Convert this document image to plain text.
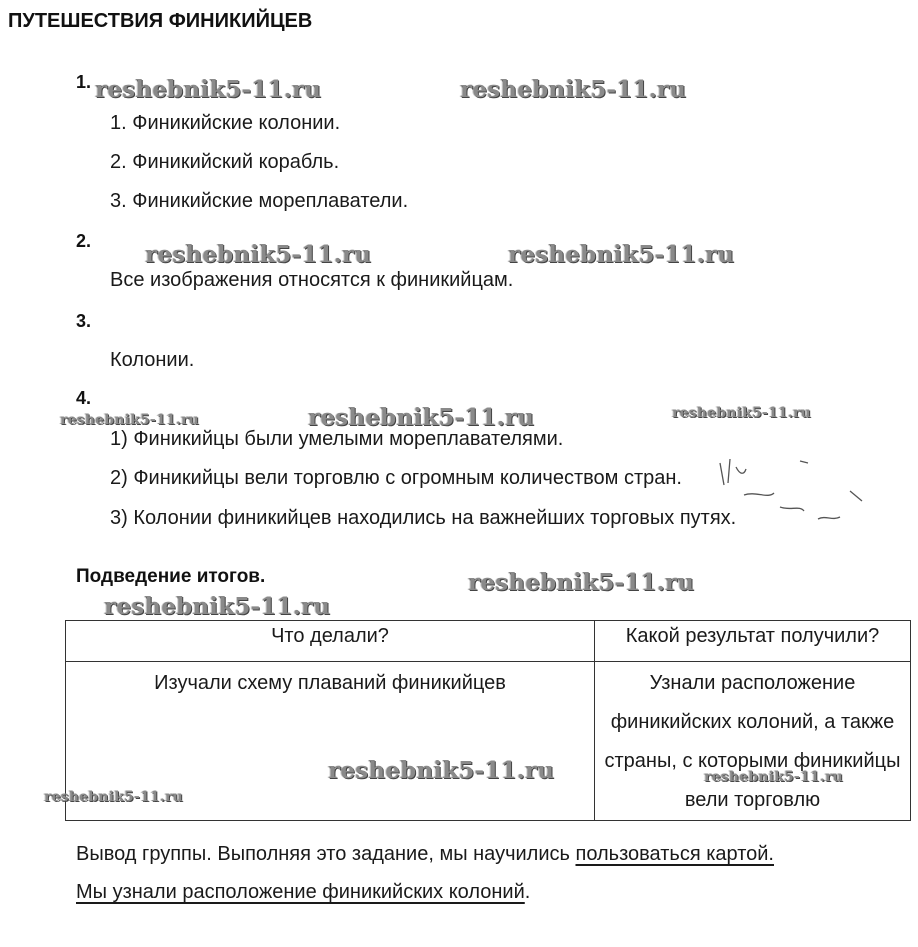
ПУТЕШЕСТВИЯ ФИНИКИЙЦЕВ
1.
1. Финикийские колонии.
2. Финикийский корабль.
3. Финикийские мореплаватели.
2.
Все изображения относятся к финикийцам.
3.
Колонии.
4.
1) Финикийцы были умелыми мореплавателями.
2) Финикийцы вели торговлю с огромным количеством стран.
3) Колонии финикийцев находились на важнейших торговых путях.
Подведение итогов.
Что делали?	Какой результат получили?
Изучали схему плаваний финикийцев	Узнали расположение финикийских колоний, а также страны, с которыми финикийцы вели торговлю
Вывод группы. Выполняя это задание, мы научились пользоваться картой.
Мы узнали расположение финикийских колоний.
reshebnik5-11.ru	reshebnik5-11.ru
reshebnik5-11.ru	reshebnik5-11.ru
reshebnik5-11.ru	reshebnik5-11.ru	reshebnik5-11.ru
reshebnik5-11.ru
reshebnik5-11.ru
reshebnik5-11.ru	reshebnik5-11.ru
reshebnik5-11.ru
